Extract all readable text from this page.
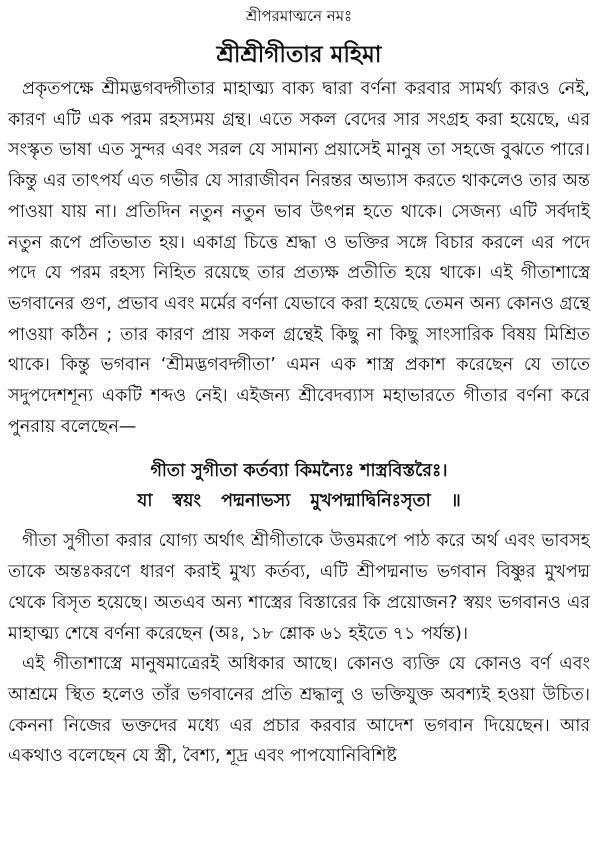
শ্রীপরমাত্মনে নমঃ
শ্রীশ্রীগীতার মহিমা

প্রকৃতপক্ষে শ্রীমদ্ভগবদ্গীতার মাহাত্ম্য বাক্য দ্বারা বর্ণনা করবার সামর্থ্য কারও নেই, কারণ এটি এক পরম রহস্যময় গ্রন্থ। এতে সকল বেদের সার সংগ্রহ করা হয়েছে, এর সংস্কৃত ভাষা এত সুন্দর এবং সরল যে সামান্য প্রয়াসেই মানুষ তা সহজে বুঝতে পারে। কিন্তু এর তাৎপর্য এত গভীর যে সারাজীবন নিরন্তর অভ্যাস করতে থাকলেও তার অন্ত পাওয়া যায় না। প্রতিদিন নতুন নতুন ভাব উৎপন্ন হতে থাকে। সেজন্য এটি সর্বদাই নতুন রূপে প্রতিভাত হয়। একাগ্র চিত্তে শ্রদ্ধা ও ভক্তির সঙ্গে বিচার করলে এর পদে পদে যে পরম রহস্য নিহিত রয়েছে তার প্রত্যক্ষ প্রতীতি হয়ে থাকে। এই গীতাশাস্ত্রে ভগবানের গুণ, প্রভাব এবং মর্মের বর্ণনা যেভাবে করা হয়েছে তেমন অন্য কোনও গ্রন্থে পাওয়া কঠিন ; তার কারণ প্রায় সকল গ্রন্থেই কিছু না কিছু সাংসারিক বিষয় মিশ্রিত থাকে। কিন্তু ভগবান ‘শ্রীমদ্ভগবদ্গীতা’ এমন এক শাস্ত্র প্রকাশ করেছেন যে তাতে সদুপদেশশূন্য একটি শব্দও নেই। এইজন্য শ্রীবেদব্যাস মহাভারতে গীতার বর্ণনা করে পুনরায় বলেছেন—

গীতা সুগীতা কর্তব্যা কিমন্যৈঃ শাস্ত্রবিস্তরৈঃ।
যা স্বয়ং পদ্মনাভস্য মুখপদ্মাদ্বিনিঃসৃতা ॥

গীতা সুগীতা করার যোগ্য অর্থাৎ শ্রীগীতাকে উত্তমরূপে পাঠ করে অর্থ এবং ভাবসহ তাকে অন্তঃকরণে ধারণ করাই মুখ্য কর্তব্য, এটি শ্রীপদ্মনাভ ভগবান বিষ্ণুর মুখপদ্ম থেকে বিসৃত হয়েছে। অতএব অন্য শাস্ত্রের বিস্তারের কি প্রয়োজন? স্বয়ং ভগবানও এর মাহাত্ম্য শেষে বর্ণনা করেছেন (অঃ, ১৮ শ্লোক ৬১ হইতে ৭১ পর্যন্ত)।

এই গীতাশাস্ত্রে মানুষমাত্রেরই অধিকার আছে। কোনও ব্যক্তি যে কোনও বর্ণ এবং আশ্রমে স্থিত হলেও তাঁর ভগবানের প্রতি শ্রদ্ধালু ও ভক্তিযুক্ত অবশ্যই হওয়া উচিত। কেননা নিজের ভক্তদের মধ্যে এর প্রচার করবার আদেশ ভগবান দিয়েছেন। আর একথাও বলেছেন যে স্ত্রী, বৈশ্য, শূদ্র এবং পাপযোনিবিশিষ্ট
